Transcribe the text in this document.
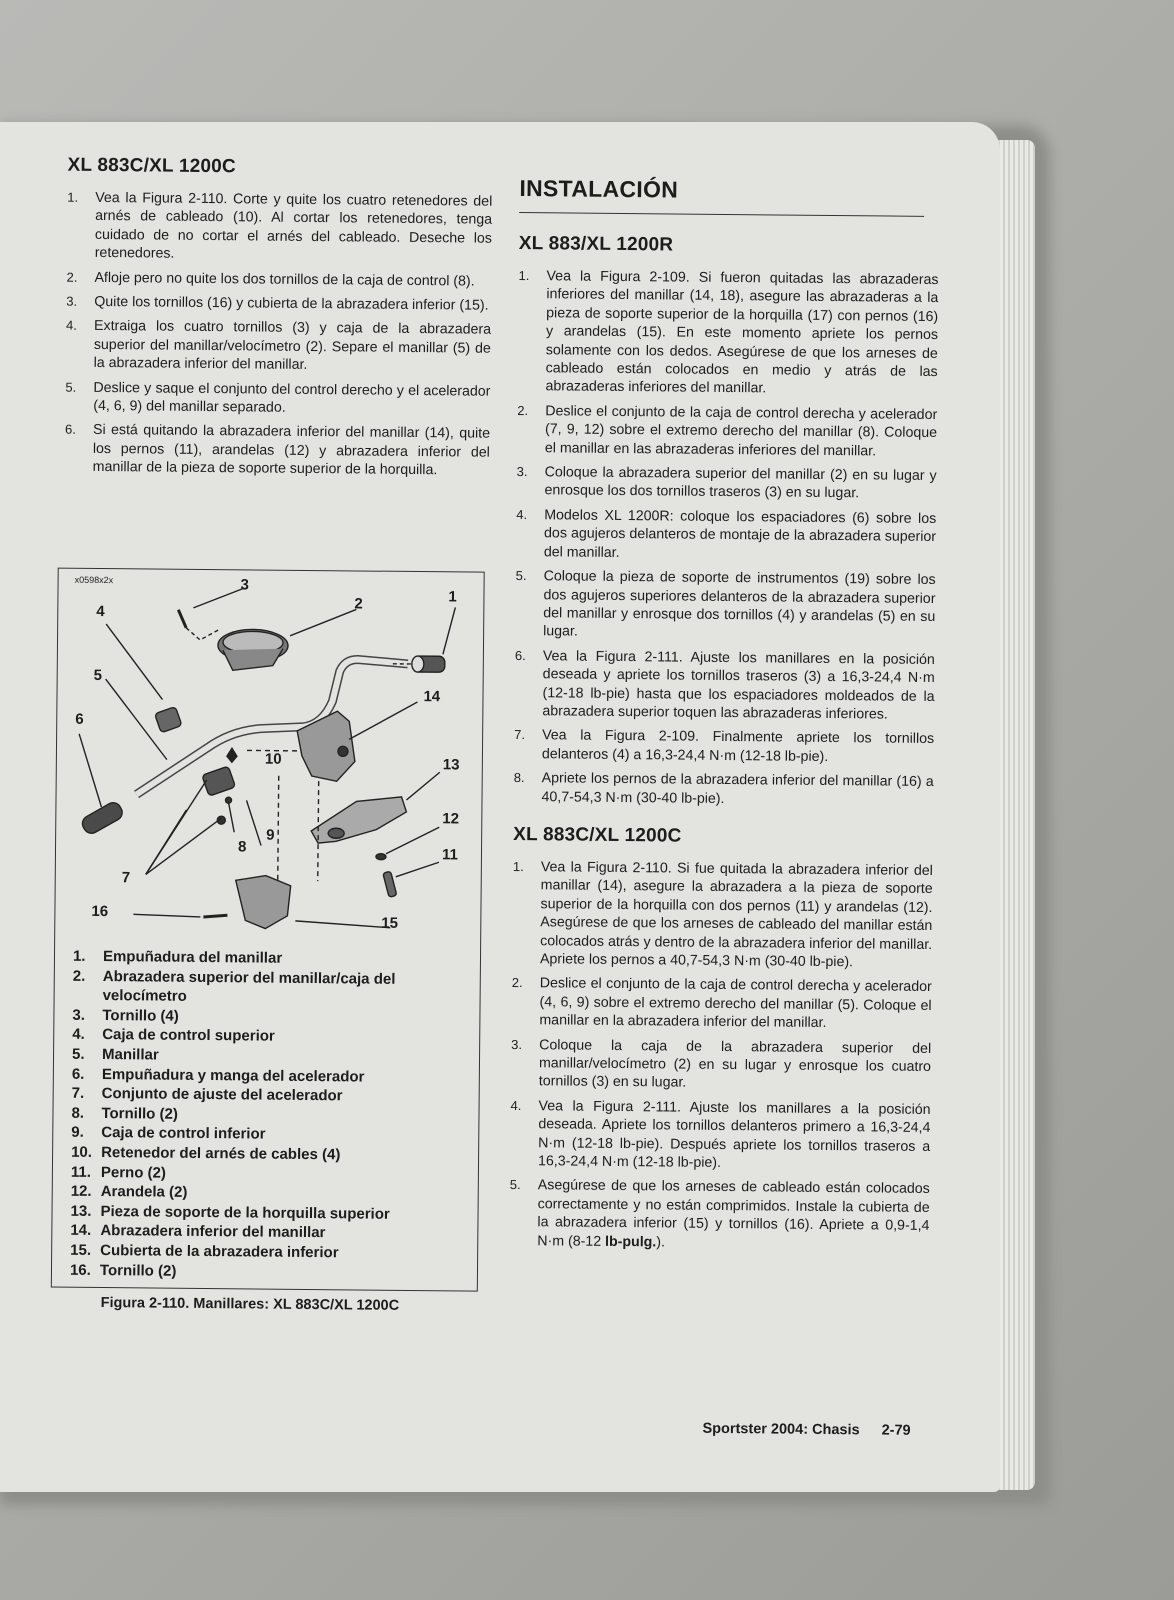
XL 883C/XL 1200C
1. Vea la Figura 2-110. Corte y quite los cuatro retenedores del arnés de cableado (10). Al cortar los retenedores, tenga cuidado de no cortar el arnés del cableado. Deseche los retenedores.
2. Afloje pero no quite los dos tornillos de la caja de control (8).
3. Quite los tornillos (16) y cubierta de la abrazadera inferior (15).
4. Extraiga los cuatro tornillos (3) y caja de la abrazadera superior del manillar/velocímetro (2). Separe el manillar (5) de la abrazadera inferior del manillar.
5. Deslice y saque el conjunto del control derecho y el acelerador (4, 6, 9) del manillar separado.
6. Si está quitando la abrazadera inferior del manillar (14), quite los pernos (11), arandelas (12) y abrazadera inferior del manillar de la pieza de soporte superior de la horquilla.
x0598x2x	3
2	1
4
5
6
14
10	13
12
9
8	11
7
16
15
1. Empuñadura del manillar
2. Abrazadera superior del manillar/caja del velocímetro
3. Tornillo (4)
4. Caja de control superior
5. Manillar
6. Empuñadura y manga del acelerador
7. Conjunto de ajuste del acelerador
8. Tornillo (2)
9. Caja de control inferior
10. Retenedor del arnés de cables (4)
11. Perno (2)
12. Arandela (2)
13. Pieza de soporte de la horquilla superior
14. Abrazadera inferior del manillar
15. Cubierta de la abrazadera inferior
16. Tornillo (2)
Figura 2-110. Manillares: XL 883C/XL 1200C
INSTALACIÓN
XL 883/XL 1200R
1. Vea la Figura 2-109. Si fueron quitadas las abrazaderas inferiores del manillar (14, 18), asegure las abrazaderas a la pieza de soporte superior de la horquilla (17) con pernos (16) y arandelas (15). En este momento apriete los pernos solamente con los dedos. Asegúrese de que los arneses de cableado están colocados en medio y atrás de las abrazaderas inferiores del manillar.
2. Deslice el conjunto de la caja de control derecha y acelerador (7, 9, 12) sobre el extremo derecho del manillar (8). Coloque el manillar en las abrazaderas inferiores del manillar.
3. Coloque la abrazadera superior del manillar (2) en su lugar y enrosque los dos tornillos traseros (3) en su lugar.
4. Modelos XL 1200R: coloque los espaciadores (6) sobre los dos agujeros delanteros de montaje de la abrazadera superior del manillar.
5. Coloque la pieza de soporte de instrumentos (19) sobre los dos agujeros superiores delanteros de la abrazadera superior del manillar y enrosque dos tornillos (4) y arandelas (5) en su lugar.
6. Vea la Figura 2-111. Ajuste los manillares en la posición deseada y apriete los tornillos traseros (3) a 16,3-24,4 N·m (12-18 lb-pie) hasta que los espaciadores moldeados de la abrazadera superior toquen las abrazaderas inferiores.
7. Vea la Figura 2-109. Finalmente apriete los tornillos delanteros (4) a 16,3-24,4 N·m (12-18 lb-pie).
8. Apriete los pernos de la abrazadera inferior del manillar (16) a 40,7-54,3 N·m (30-40 lb-pie).
XL 883C/XL 1200C
1. Vea la Figura 2-110. Si fue quitada la abrazadera inferior del manillar (14), asegure la abrazadera a la pieza de soporte superior de la horquilla con dos pernos (11) y arandelas (12). Asegúrese de que los arneses de cableado del manillar están colocados atrás y dentro de la abrazadera inferior del manillar. Apriete los pernos a 40,7-54,3 N·m (30-40 lb-pie).
2. Deslice el conjunto de la caja de control derecha y acelerador (4, 6, 9) sobre el extremo derecho del manillar (5). Coloque el manillar en la abrazadera inferior del manillar.
3. Coloque la caja de la abrazadera superior del manillar/velocímetro (2) en su lugar y enrosque los cuatro tornillos (3) en su lugar.
4. Vea la Figura 2-111. Ajuste los manillares a la posición deseada. Apriete los tornillos delanteros primero a 16,3-24,4 N·m (12-18 lb-pie). Después apriete los tornillos traseros a 16,3-24,4 N·m (12-18 lb-pie).
5. Asegúrese de que los arneses de cableado están colocados correctamente y no están comprimidos. Instale la cubierta de la abrazadera inferior (15) y tornillos (16). Apriete a 0,9-1,4 N·m (8-12 lb-pulg.).
Sportster 2004: Chasis 2-79
